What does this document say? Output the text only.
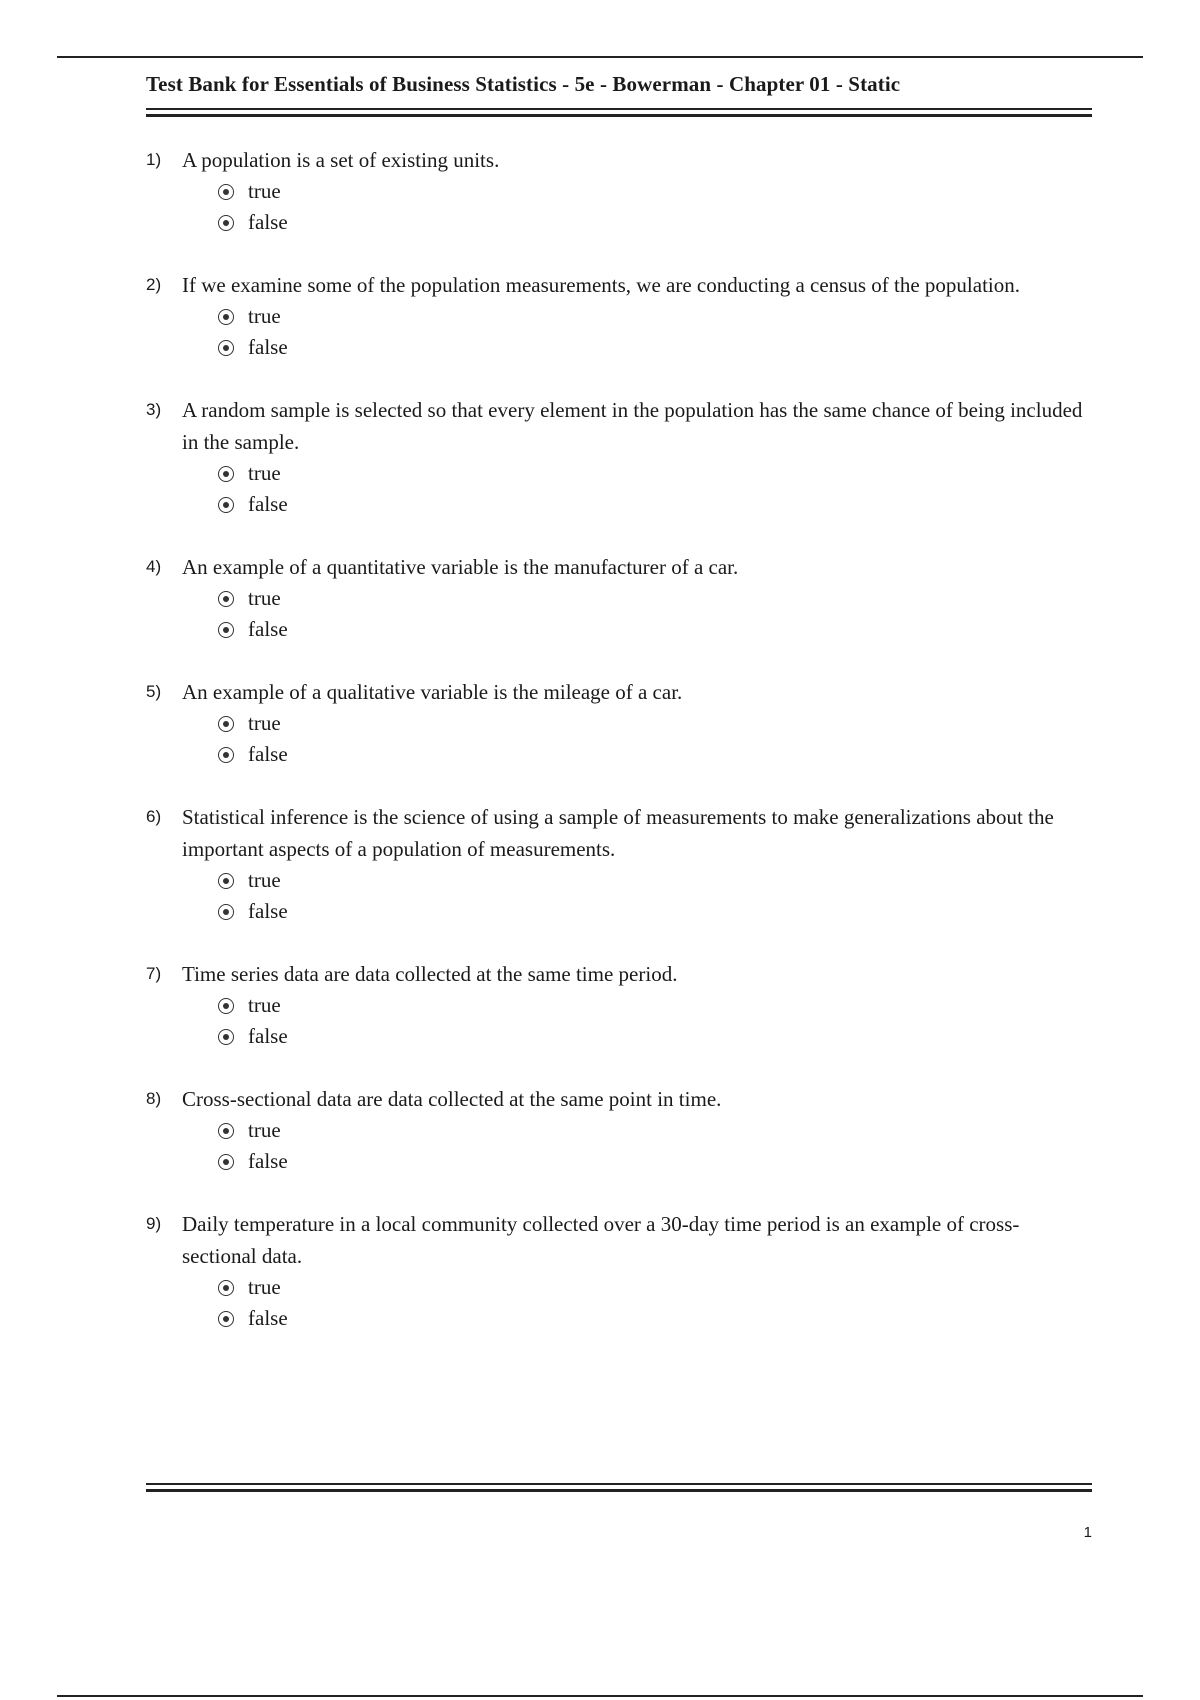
Test Bank for Essentials of Business Statistics - 5e - Bowerman - Chapter 01 - Static
1) A population is a set of existing units.
true
false
2) If we examine some of the population measurements, we are conducting a census of the population.
true
false
3) A random sample is selected so that every element in the population has the same chance of being included in the sample.
true
false
4) An example of a quantitative variable is the manufacturer of a car.
true
false
5) An example of a qualitative variable is the mileage of a car.
true
false
6) Statistical inference is the science of using a sample of measurements to make generalizations about the important aspects of a population of measurements.
true
false
7) Time series data are data collected at the same time period.
true
false
8) Cross-sectional data are data collected at the same point in time.
true
false
9) Daily temperature in a local community collected over a 30-day time period is an example of cross-sectional data.
true
false
1
